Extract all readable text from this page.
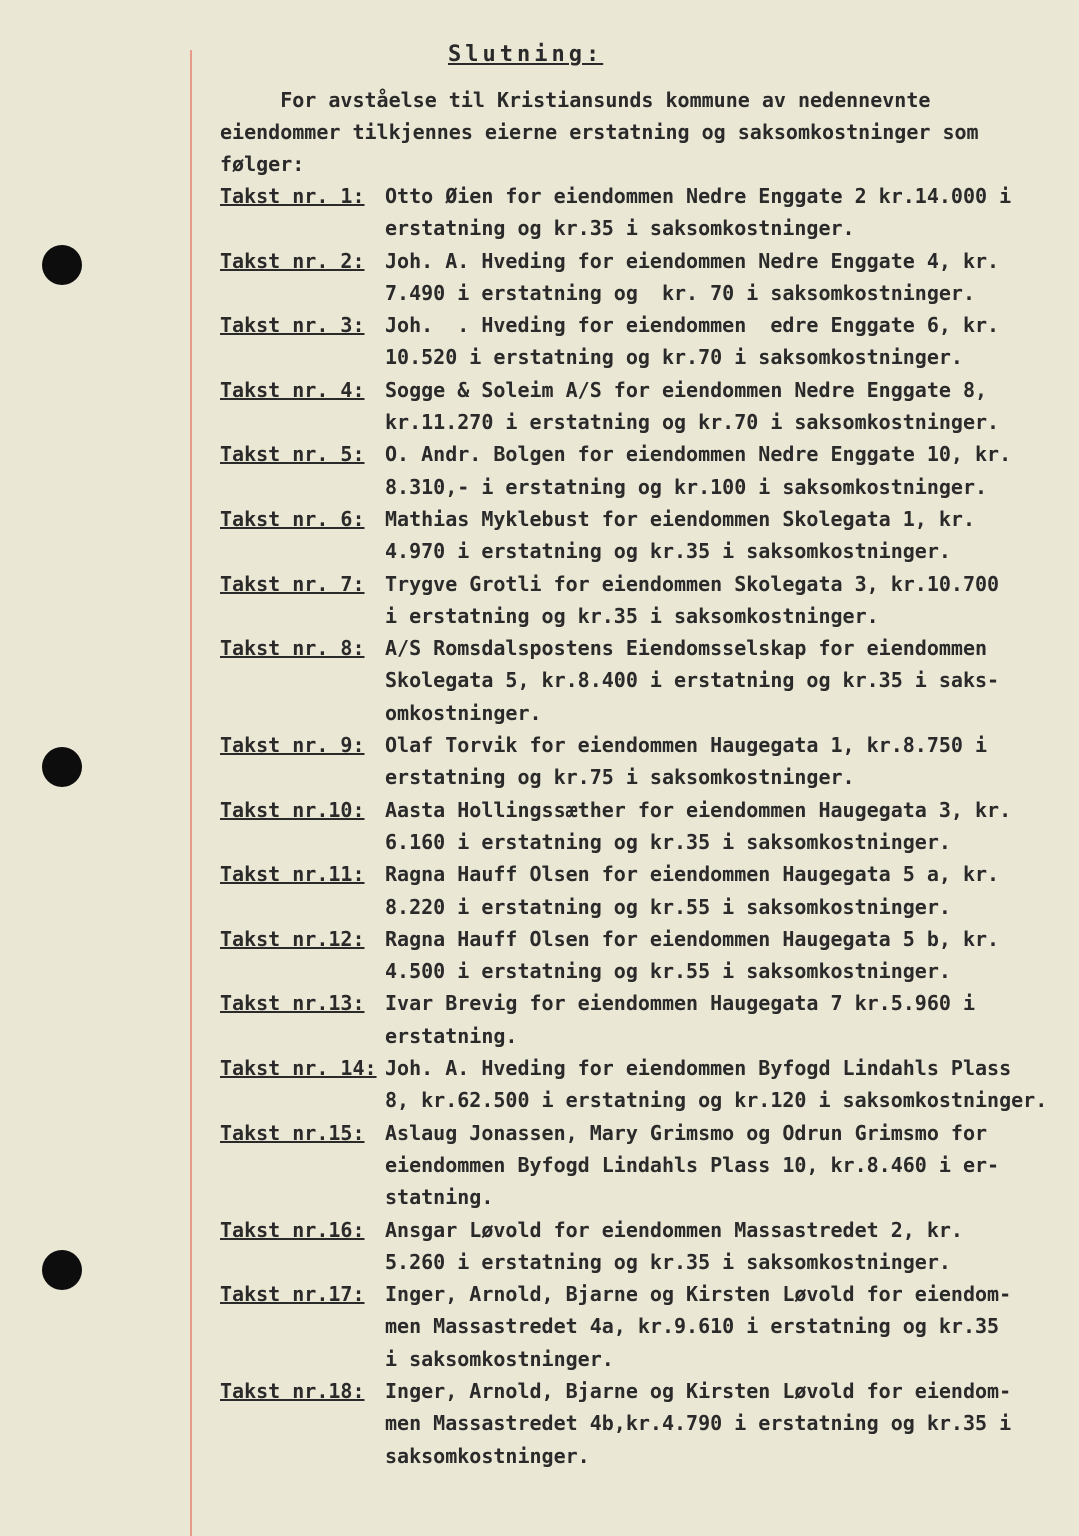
Slutning:
For avståelse til Kristiansunds kommune av nedennevnte
eiendommer tilkjennes eierne erstatning og saksomkostninger som
følger:
Takst nr. 1:	Otto Øien for eiendommen Nedre Enggate 2 kr.14.000 i
erstatning og kr.35 i saksomkostninger.
Takst nr. 2:	Joh. A. Hveding for eiendommen Nedre Enggate 4, kr.
7.490 i erstatning og  kr. 70 i saksomkostninger.
Takst nr. 3:	Joh.  . Hveding for eiendommen  edre Enggate 6, kr.
10.520 i erstatning og kr.70 i saksomkostninger.
Takst nr. 4:	Sogge & Soleim A/S for eiendommen Nedre Enggate 8,
kr.11.270 i erstatning og kr.70 i saksomkostninger.
Takst nr. 5:	O. Andr. Bolgen for eiendommen Nedre Enggate 10, kr.
8.310,- i erstatning og kr.100 i saksomkostninger.
Takst nr. 6:	Mathias Myklebust for eiendommen Skolegata 1, kr.
4.970 i erstatning og kr.35 i saksomkostninger.
Takst nr. 7:	Trygve Grotli for eiendommen Skolegata 3, kr.10.700
i erstatning og kr.35 i saksomkostninger.
Takst nr. 8:	A/S Romsdalspostens Eiendomsselskap for eiendommen
Skolegata 5, kr.8.400 i erstatning og kr.35 i saks-
omkostninger.
Takst nr. 9:	Olaf Torvik for eiendommen Haugegata 1, kr.8.750 i
erstatning og kr.75 i saksomkostninger.
Takst nr.10:	Aasta Hollingssæther for eiendommen Haugegata 3, kr.
6.160 i erstatning og kr.35 i saksomkostninger.
Takst nr.11:	Ragna Hauff Olsen for eiendommen Haugegata 5 a, kr.
8.220 i erstatning og kr.55 i saksomkostninger.
Takst nr.12:	Ragna Hauff Olsen for eiendommen Haugegata 5 b, kr.
4.500 i erstatning og kr.55 i saksomkostninger.
Takst nr.13:	Ivar Brevig for eiendommen Haugegata 7 kr.5.960 i
erstatning.
Takst nr. 14: Joh. A. Hveding for eiendommen Byfogd Lindahls Plass
8, kr.62.500 i erstatning og kr.120 i saksomkostninger.
Takst nr.15:	Aslaug Jonassen, Mary Grimsmo og Odrun Grimsmo for
eiendommen Byfogd Lindahls Plass 10, kr.8.460 i er-
statning.
Takst nr.16:	Ansgar Løvold for eiendommen Massastredet 2, kr.
5.260 i erstatning og kr.35 i saksomkostninger.
Takst nr.17:	Inger, Arnold, Bjarne og Kirsten Løvold for eiendom-
men Massastredet 4a, kr.9.610 i erstatning og kr.35
i saksomkostninger.
Takst nr.18:	Inger, Arnold, Bjarne og Kirsten Løvold for eiendom-
men Massastredet 4b,kr.4.790 i erstatning og kr.35 i
saksomkostninger.
